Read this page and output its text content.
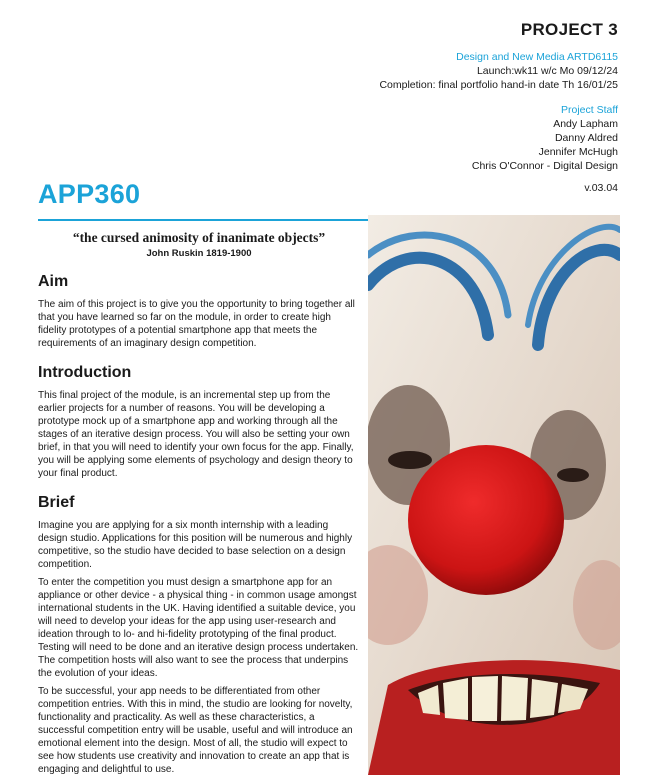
PROJECT 3
Design and New Media ARTD6115
Launch:wk11 w/c Mo 09/12/24
Completion: final portfolio hand-in date Th 16/01/25
Project Staff
Andy Lapham
Danny Aldred
Jennifer McHugh
Chris O'Connor - Digital Design
v.03.04
APP360
“the cursed animosity of inanimate objects”
John Ruskin 1819-1900
Aim

The aim of this project is to give you the opportunity to bring together all that you have learned so far on the module, in order to create high fidelity prototypes of a potential smartphone app that meets the requirements of an imaginary design competition.

Introduction

This final project of the module, is an incremental step up from the earlier projects for a number of reasons. You will be developing a prototype mock up of a smartphone app and working through all the stages of an iterative design process. You will also be setting your own brief, in that you will need to identify your own focus for the app. Finally, you will be applying some elements of psychology and design theory to your final product.

Brief

Imagine you are applying for a six month internship with a leading design studio. Applications for this position will be numerous and highly competitive, so the studio have decided to base selection on a design competition.

To enter the competition you must design a smartphone app for an appliance or other device - a physical thing - in common usage amongst international students in the UK. Having identified a suitable device, you will need to develop your ideas for the app using user-research and ideation through to lo- and hi-fidelity prototyping of the final product. Testing will need to be done and an iterative design process undertaken. The competition hosts will also want to see the process that underpins the evolution of your ideas.

To be successful, your app needs to be differentiated from other competition entries. With this in mind, the studio are looking for novelty, functionality and practicality. As well as these characteristics, a successful competition entry will be usable, useful and will introduce an emotional element into the design. Most of all, the studio will expect to see how students use creativity and innovation to create an app that is engaging and delightful to use.
